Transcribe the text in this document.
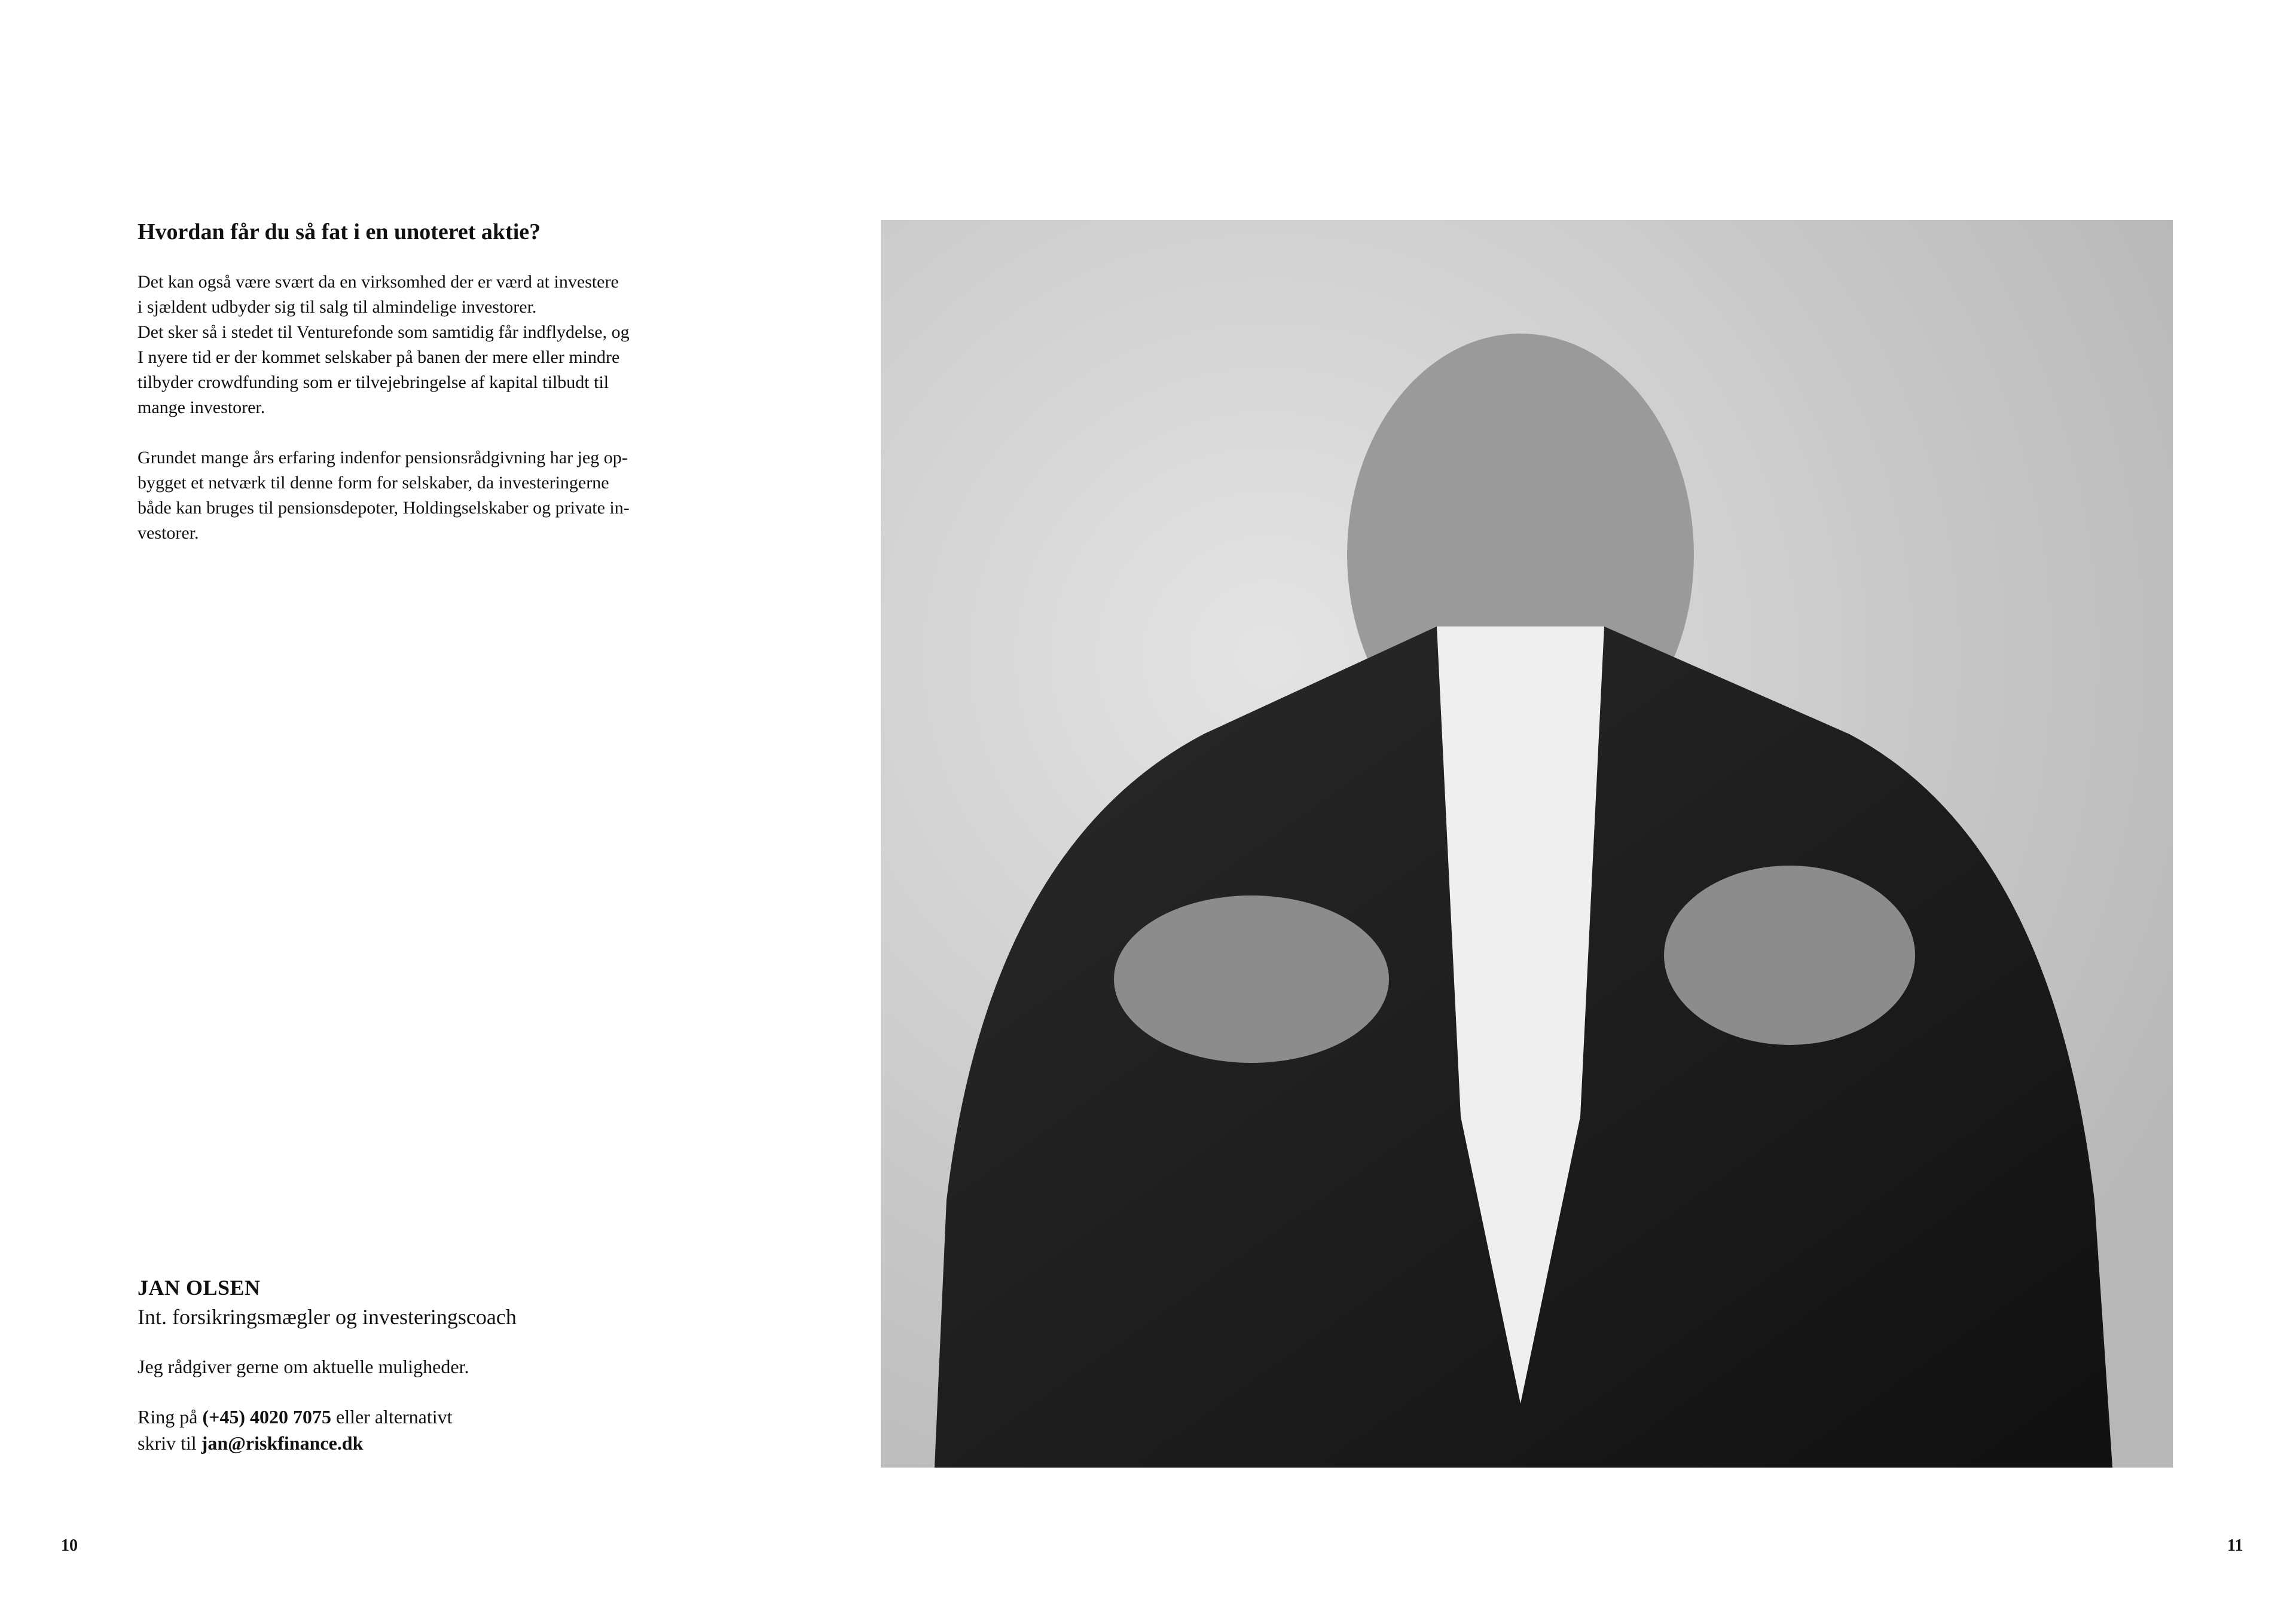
Hvordan får du så fat i en unoteret aktie?

Det kan også være svært da en virksomhed der er værd at investere
i sjældent udbyder sig til salg til almindelige investorer.
Det sker så i stedet til Venturefonde som samtidig får indflydelse, og
I nyere tid er der kommet selskaber på banen der mere eller mindre
tilbyder crowdfunding som er tilvejebringelse af kapital tilbudt til
mange investorer.

Grundet mange års erfaring indenfor pensionsrådgivning har jeg op-
bygget et netværk til denne form for selskaber, da investeringerne
både kan bruges til pensionsdepoter, Holdingselskaber og private in-
vestorer.

JAN OLSEN
Int. forsikringsmægler og investeringscoach
Jeg rådgiver gerne om aktuelle muligheder.
Ring på (+45) 4020 7075 eller alternativt
skriv til jan@riskfinance.dk
10	11
